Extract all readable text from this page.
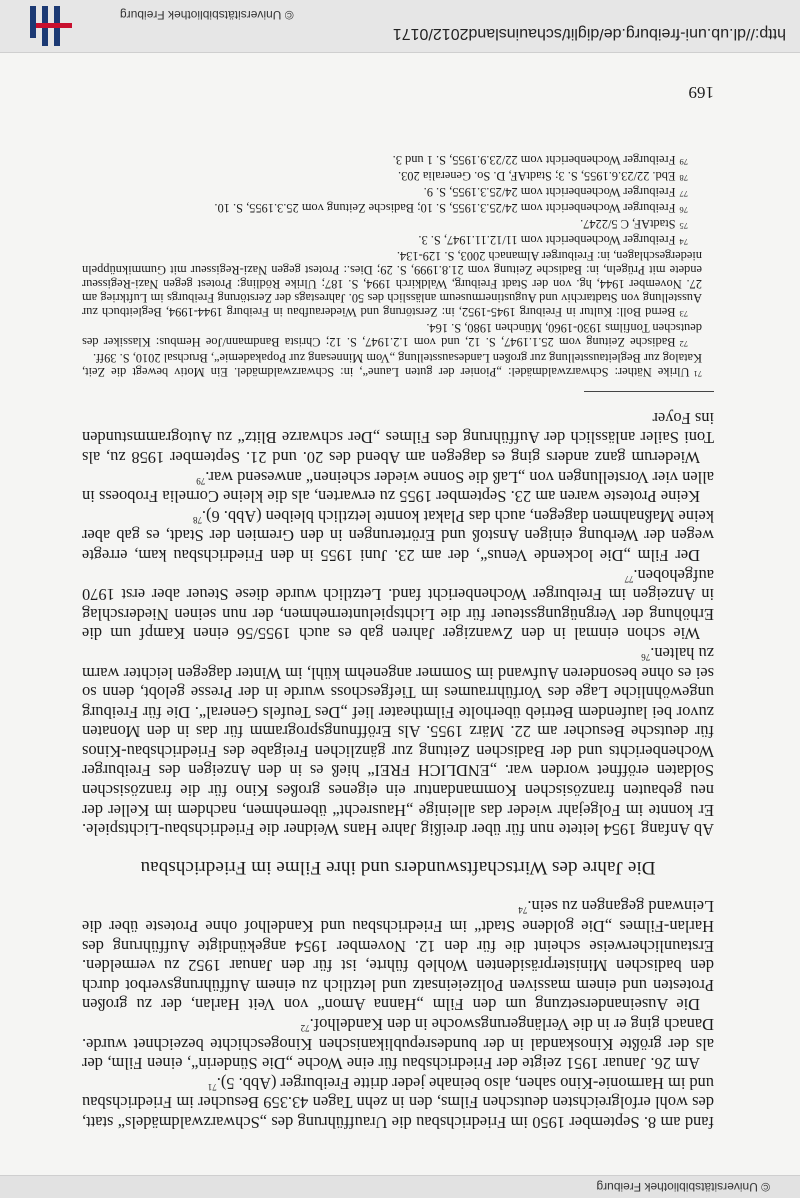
© Universitätsbibliothek Freiburg

fand am 8. September 1950 im Friedrichsbau die Uraufführung des „Schwarzwaldmädels“ statt, des wohl erfolgreichsten deutschen Films, den in zehn Tagen 43.359 Besucher im Friedrichsbau und im Harmonie-Kino sahen, also beinahe jeder dritte Freiburger (Abb. 5).$^{71}$

Am 26. Januar 1951 zeigte der Friedrichsbau für eine Woche „Die Sünderin“, einen Film, der als der größte Kinoskandal in der bundesrepublikanischen Kinogeschichte bezeichnet wurde. Danach ging er in die Verlängerungswoche in den Kandelhof.$^{72}$

Die Auseinandersetzung um den Film „Hanna Amon“ von Veit Harlan, der zu großen Protesten und einem massiven Polizeieinsatz und letztlich zu einem Aufführungsverbot durch den badischen Ministerpräsidenten Wohleb führte, ist für den Januar 1952 zu vermelden. Erstaunlicherweise scheint die für den 12. November 1954 angekündigte Aufführung des Harlan-Filmes „Die goldene Stadt“ im Friedrichsbau und Kandelhof ohne Proteste über die Leinwand gegangen zu sein.$^{74}$

Die Jahre des Wirtschaftswunders und ihre Filme im Friedrichsbau

Ab Anfang 1954 leitete nun für über dreißig Jahre Hans Weidner die Friedrichsbau-Lichtspiele. Er konnte im Folgejahr wieder das alleinige „Hausrecht“ übernehmen, nachdem im Keller der neu gebauten französischen Kommandantur ein eigenes großes Kino für die französischen Soldaten eröffnet worden war. „ENDLICH FREI“ hieß es in den Anzeigen des Freiburger Wochenberichts und der Badischen Zeitung zur gänzlichen Freigabe des Friedrichsbau-Kinos für deutsche Besucher am 22. März 1955. Als Eröffnungsprogramm für das in den Monaten zuvor bei laufendem Betrieb überholte Filmtheater lief „Des Teufels General“. Die für Freiburg ungewöhnliche Lage des Vorführraumes im Tiefgeschoss wurde in der Presse gelobt, denn so sei es ohne besonderen Aufwand im Sommer angenehm kühl, im Winter dagegen leichter warm zu halten.$^{76}$

Wie schon einmal in den Zwanziger Jahren gab es auch 1955/56 einen Kampf um die Erhöhung der Vergnügungssteuer für die Lichtspielunternehmen, der nun seinen Niederschlag in Anzeigen im Freiburger Wochenbericht fand. Letztlich wurde diese Steuer aber erst 1970 aufgehoben.$^{77}$

Der Film „Die lockende Venus“, der am 23. Juni 1955 in den Friedrichsbau kam, erregte wegen der Werbung einigen Anstoß und Erörterungen in den Gremien der Stadt, es gab aber keine Maßnahmen dagegen, auch das Plakat konnte letztlich bleiben (Abb. 6).$^{78}$

Keine Proteste waren am 23. September 1955 zu erwarten, als die kleine Cornelia Froboess in allen vier Vorstellungen von „Laß die Sonne wieder scheinen“ anwesend war.$^{79}$

Wiederum ganz anders ging es dagegen am Abend des 20. und 21. September 1958 zu, als Toni Sailer anlässlich der Aufführung des Filmes „Der schwarze Blitz“ zu Autogrammstunden ins Foyer

$^{71}$Ulrike Näther: Schwarzwaldmädel: „Pionier der guten Laune“, in: Schwarzwaldmädel. Ein Motiv bewegt die Zeit, Katalog zur Begleitausstellung zur großen Landesausstellung „Vom Minnesang zur Popakademie“, Bruchsal 2010, S. 39ff.

$^{72}$Badische Zeitung vom 25.1.1947, S. 12, und vom 1.2.1947, S. 12; Christa Bandmann/Joe Hembus: Klassiker des deutschen Tonfilms 1930-1960, München 1980, S. 164.

$^{73}$Bernd Boll: Kultur in Freiburg 1945-1952, in: Zerstörung und Wiederaufbau in Freiburg 1944-1994, Begleitbuch zur Ausstellung von Stadtarchiv und Augustinermuseum anlässlich des 50. Jahrestags der Zerstörung Freiburgs im Luftkrieg am 27. November 1944, hg. von der Stadt Freiburg, Waldkirch 1994, S. 187; Ulrike Rödling: Protest gegen Nazi-Regisseur endete mit Prügeln, in: Badische Zeitung vom 21.8.1999, S. 29; Dies.: Protest gegen Nazi-Regisseur mit Gummiknüppeln niedergeschlagen, in: Freiburger Almanach 2003, S. 129-134.

$^{74}$Freiburger Wochenbericht vom 11/12.11.1947, S. 3.

$^{75}$StadtAF, C 5/2247.

$^{76}$Freiburger Wochenbericht vom 24/25.3.1955, S. 10; Badische Zeitung vom 25.3.1955, S. 10.

$^{77}$Freiburger Wochenbericht vom 24/25.3.1955, S. 9.

$^{78}$Ebd. 22/23.6.1955, S. 3; StadtAF, D. So. Generalia 203.

$^{79}$Freiburger Wochenbericht vom 22/23.9.1955, S. 1 und 3.

169
http://dl.ub.uni-freiburg.de/diglit/schauinsland2012/0171
© Universitätsbibliothek Freiburg
